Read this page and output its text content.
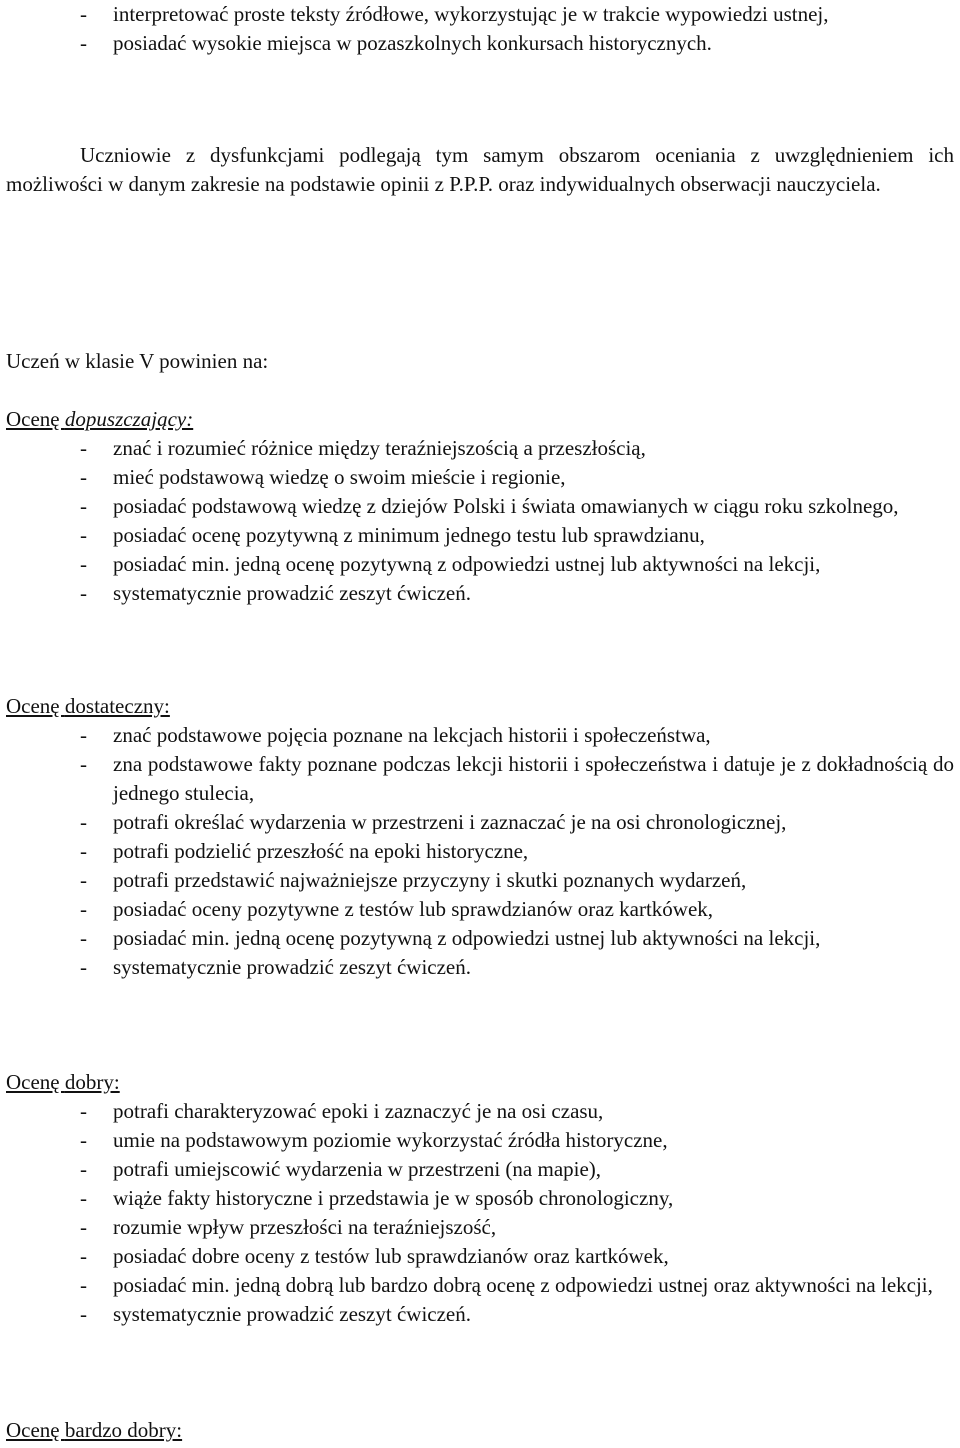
- interpretować proste teksty źródłowe, wykorzystując je w trakcie wypowiedzi ustnej,
- posiadać wysokie miejsca w pozaszkolnych konkursach historycznych.

Uczniowie z dysfunkcjami podlegają tym samym obszarom oceniania z uwzględnieniem ich możliwości w danym zakresie na podstawie opinii z P.P.P. oraz indywidualnych obserwacji nauczyciela.

Uczeń w klasie V powinien na:

Ocenę dopuszczający:

- znać i rozumieć różnice między teraźniejszością a przeszłością,
- mieć podstawową wiedzę o swoim mieście i regionie,
- posiadać podstawową wiedzę z dziejów Polski i świata omawianych w ciągu roku szkolnego,
- posiadać ocenę pozytywną z minimum jednego testu lub sprawdzianu,
- posiadać min. jedną ocenę pozytywną z odpowiedzi ustnej lub aktywności na lekcji,
- systematycznie prowadzić zeszyt ćwiczeń.

Ocenę dostateczny:

- znać podstawowe pojęcia poznane na lekcjach historii i społeczeństwa,
- zna podstawowe fakty poznane podczas lekcji historii i społeczeństwa i datuje je z dokładnością do jednego stulecia,
- potrafi określać wydarzenia w przestrzeni i zaznaczać je na osi chronologicznej,
- potrafi podzielić przeszłość na epoki historyczne,
- potrafi przedstawić najważniejsze przyczyny i skutki poznanych wydarzeń,
- posiadać oceny pozytywne z testów lub sprawdzianów oraz kartkówek,
- posiadać min. jedną ocenę pozytywną z odpowiedzi ustnej lub aktywności na lekcji,
- systematycznie prowadzić zeszyt ćwiczeń.

Ocenę dobry:

- potrafi charakteryzować epoki i zaznaczyć je na osi czasu,
- umie na podstawowym poziomie wykorzystać źródła historyczne,
- potrafi umiejscowić wydarzenia w przestrzeni (na mapie),
- wiąże fakty historyczne i przedstawia je w sposób chronologiczny,
- rozumie wpływ przeszłości na teraźniejszość,
- posiadać dobre oceny z testów lub sprawdzianów oraz kartkówek,
- posiadać min. jedną dobrą lub bardzo dobrą ocenę z odpowiedzi ustnej oraz aktywności na lekcji,
- systematycznie prowadzić zeszyt ćwiczeń.

Ocenę bardzo dobry:
